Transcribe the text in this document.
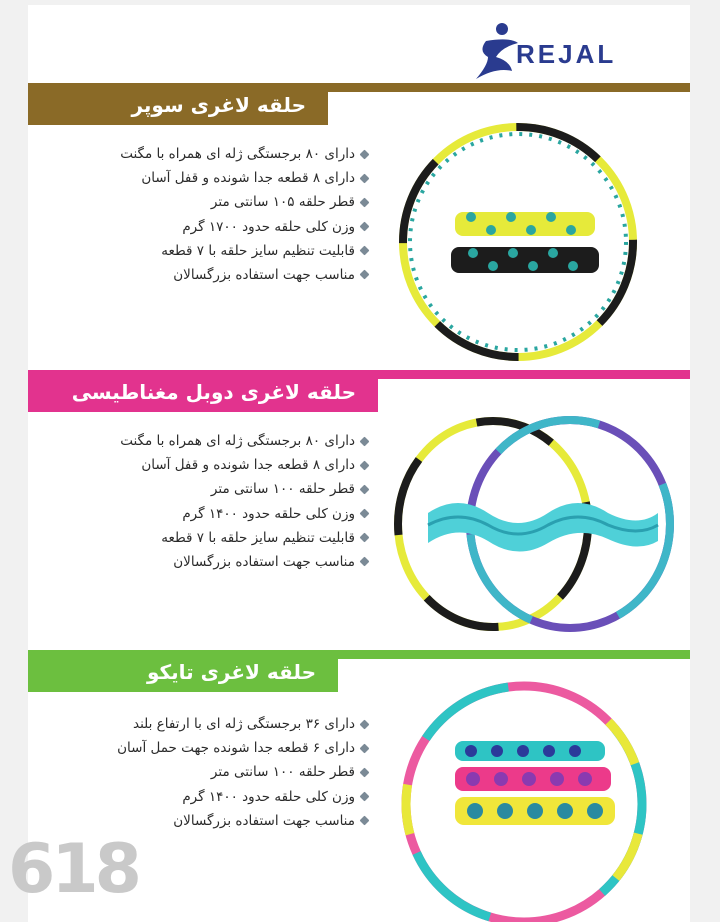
REJAL
حلقه لاغری سوپر
دارای ۸۰ برجستگی ژله ای همراه با مگنت
دارای ۸ قطعه جدا شونده و قفل آسان
قطر حلقه ۱۰۵ سانتی متر
وزن کلی حلقه حدود ۱۷۰۰ گرم
قابلیت تنظیم سایز حلقه با ۷ قطعه
مناسب جهت استفاده بزرگسالان
حلقه لاغری دوبل مغناطیسی
دارای ۸۰ برجستگی ژله ای همراه با مگنت
دارای ۸ قطعه جدا شونده و قفل آسان
قطر حلقه ۱۰۰ سانتی متر
وزن کلی حلقه حدود ۱۴۰۰ گرم
قابلیت تنظیم سایز حلقه با ۷ قطعه
مناسب جهت استفاده بزرگسالان
حلقه لاغری تایکو
دارای ۳۶ برجستگی ژله ای با ارتفاع بلند
دارای ۶ قطعه جدا شونده جهت حمل آسان
قطر حلقه ۱۰۰ سانتی متر
وزن کلی حلقه حدود ۱۴۰۰ گرم
مناسب جهت استفاده بزرگسالان
618
